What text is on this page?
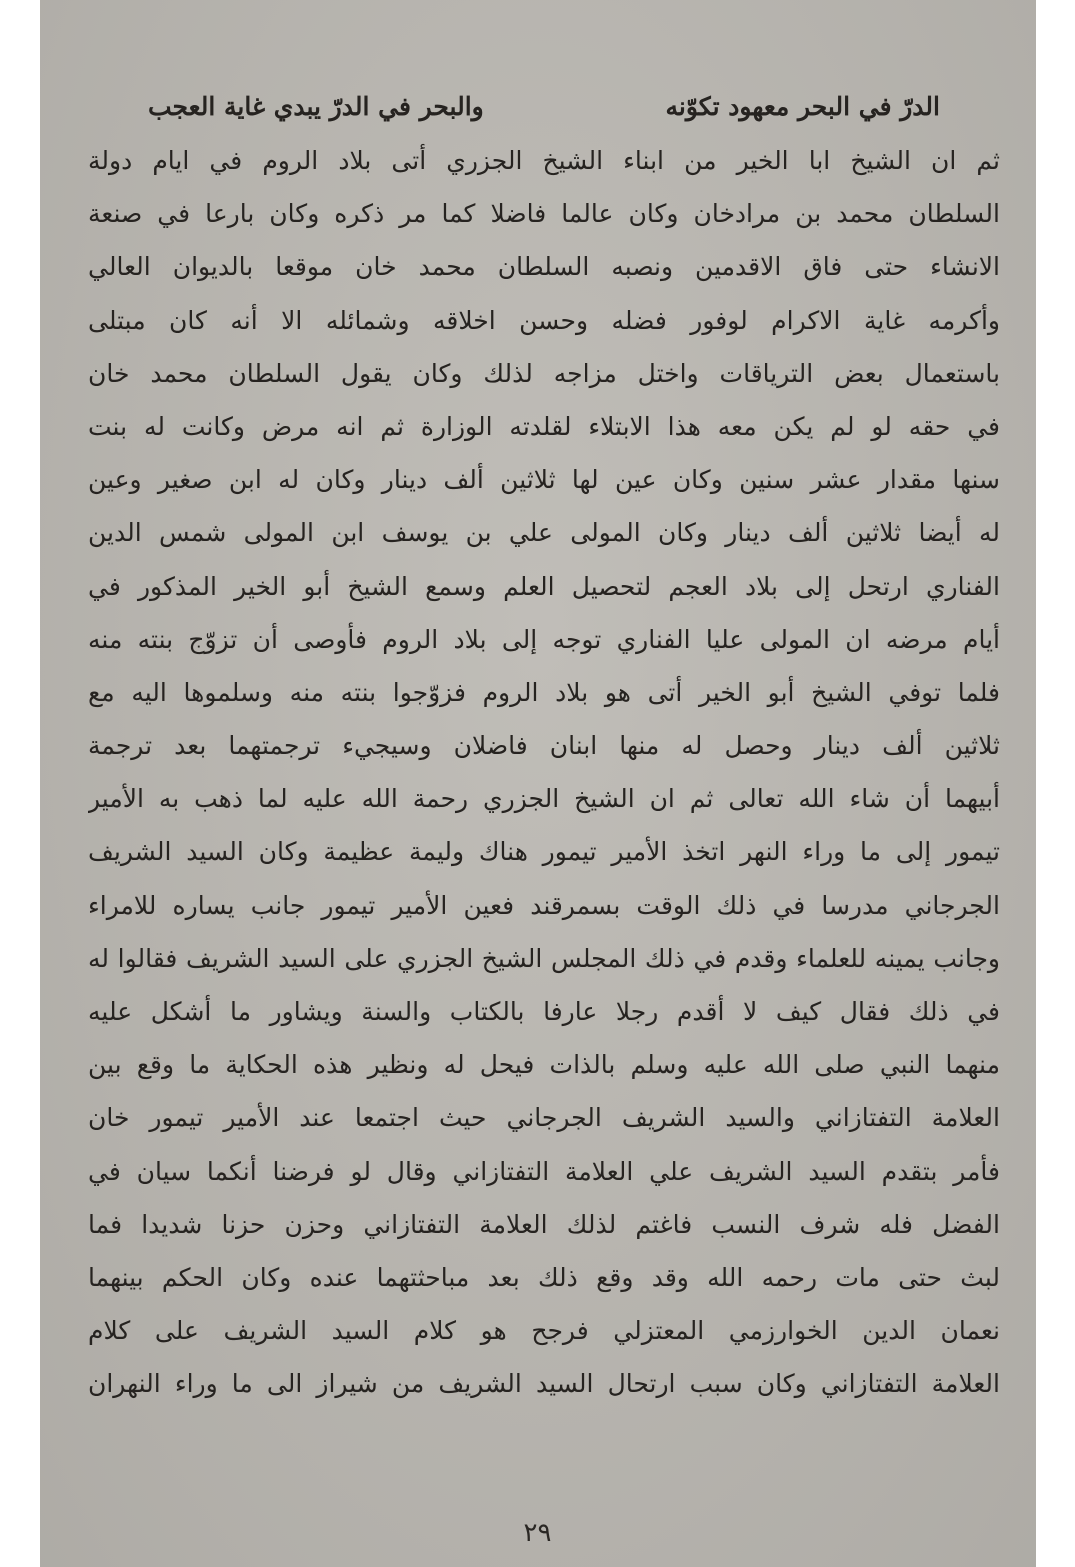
الدرّ في البحر معهود تكوّنه
والبحر في الدرّ يبدي غاية العجب
ثم ان الشيخ ابا الخير من ابناء الشيخ الجزري أتى بلاد الروم في ايام دولة
السلطان محمد بن مرادخان وكان عالما فاضلا كما مر ذكره وكان بارعا في صنعة
الانشاء حتى فاق الاقدمين ونصبه السلطان محمد خان موقعا بالديوان العالي
وأكرمه غاية الاكرام لوفور فضله وحسن اخلاقه وشمائله الا أنه كان مبتلى
باستعمال بعض الترياقات واختل مزاجه لذلك وكان يقول السلطان محمد خان
في حقه لو لم يكن معه هذا الابتلاء لقلدته الوزارة ثم انه مرض وكانت له بنت
سنها مقدار عشر سنين وكان عين لها ثلاثين ألف دينار وكان له ابن صغير وعين
له أيضا ثلاثين ألف دينار وكان المولى علي بن يوسف ابن المولى شمس الدين
الفناري ارتحل إلى بلاد العجم لتحصيل العلم وسمع الشيخ أبو الخير المذكور في
أيام مرضه ان المولى عليا الفناري توجه إلى بلاد الروم فأوصى أن تزوّج بنته منه
فلما توفي الشيخ أبو الخير أتى هو بلاد الروم فزوّجوا بنته منه وسلموها اليه مع
ثلاثين ألف دينار وحصل له منها ابنان فاضلان وسيجيء ترجمتهما بعد ترجمة
أبيهما أن شاء الله تعالى ثم ان الشيخ الجزري رحمة الله عليه لما ذهب به الأمير
تيمور إلى ما وراء النهر اتخذ الأمير تيمور هناك وليمة عظيمة وكان السيد الشريف
الجرجاني مدرسا في ذلك الوقت بسمرقند فعين الأمير تيمور جانب يساره للامراء
وجانب يمينه للعلماء وقدم في ذلك المجلس الشيخ الجزري على السيد الشريف فقالوا له
في ذلك فقال كيف لا أقدم رجلا عارفا بالكتاب والسنة ويشاور ما أشكل عليه
منهما النبي صلى الله عليه وسلم بالذات فيحل له ونظير هذه الحكاية ما وقع بين
العلامة التفتازاني والسيد الشريف الجرجاني حيث اجتمعا عند الأمير تيمور خان
فأمر بتقدم السيد الشريف علي العلامة التفتازاني وقال لو فرضنا أنكما سيان في
الفضل فله شرف النسب فاغتم لذلك العلامة التفتازاني وحزن حزنا شديدا فما
لبث حتى مات رحمه الله وقد وقع ذلك بعد مباحثتهما عنده وكان الحكم بينهما
نعمان الدين الخوارزمي المعتزلي فرجح هو كلام السيد الشريف على كلام
العلامة التفتازاني وكان سبب ارتحال السيد الشريف من شيراز الى ما وراء النهران
٢٩
